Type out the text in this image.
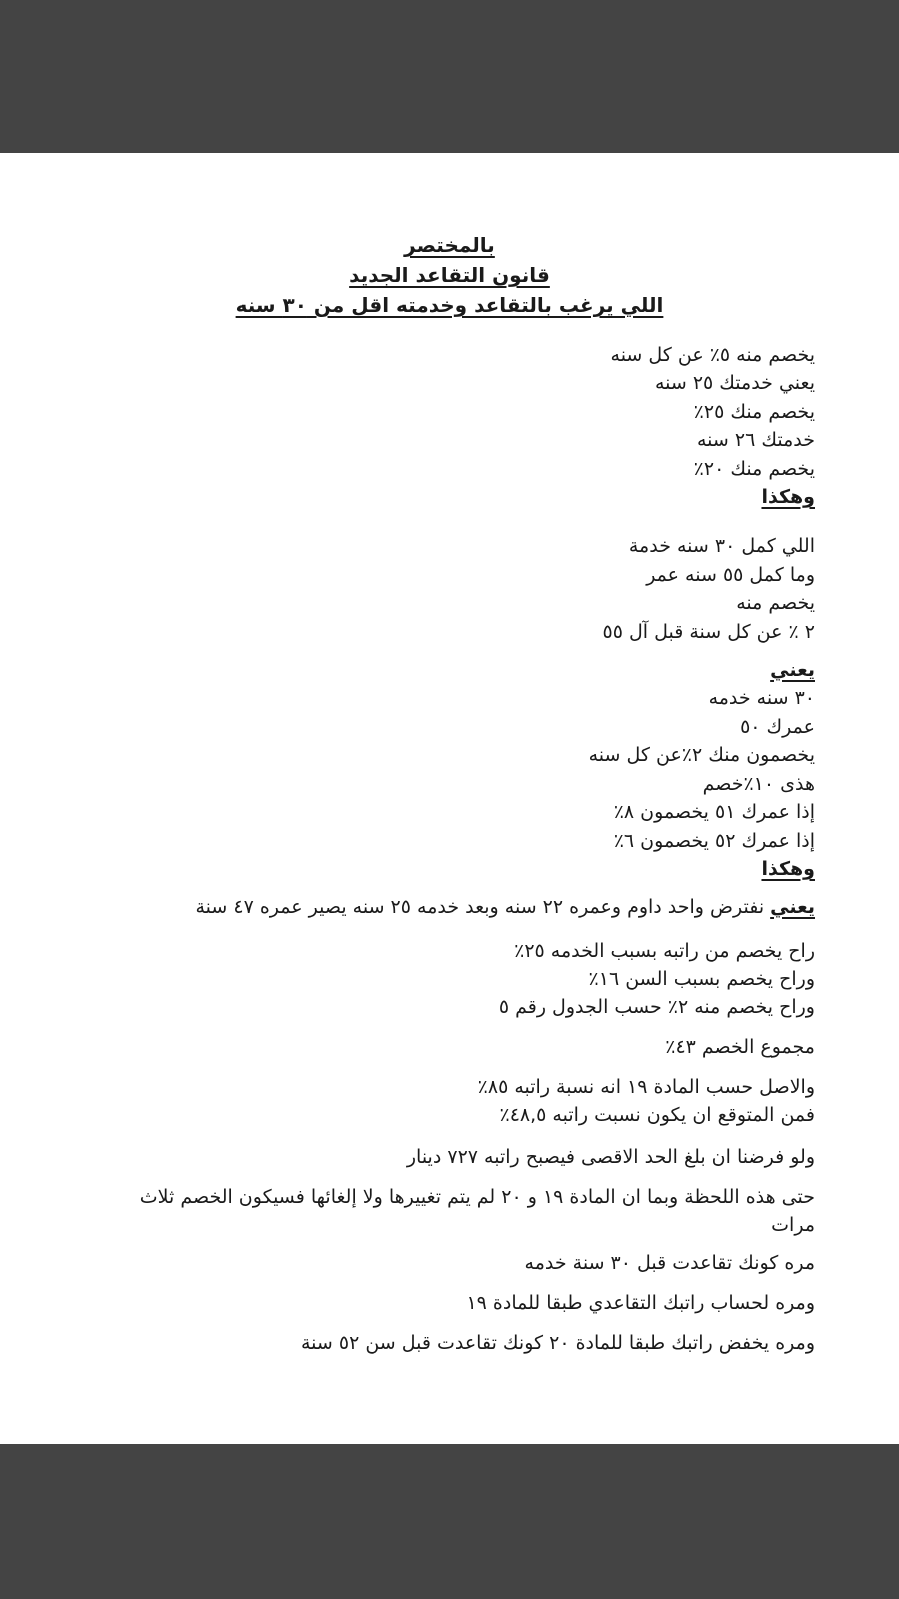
بالمختصر
قانون التقاعد الجديد
اللي يرغب بالتقاعد وخدمته اقل من ٣٠ سنه
يخصم منه ٥٪ عن كل سنه
يعني خدمتك ٢٥ سنه
يخصم منك ٢٥٪
خدمتك ٢٦ سنه
يخصم منك ٢٠٪
وهكذا
اللي كمل ٣٠ سنه خدمة
وما كمل ٥٥ سنه عمر
يخصم منه
٢ ٪ عن كل سنة قبل آل ٥٥
يعني
٣٠ سنه خدمه
عمرك ٥٠
يخصمون منك ٢٪عن كل سنه
هذى ١٠٪خصم
إذا عمرك ٥١ يخصمون ٨٪
إذا عمرك ٥٢ يخصمون ٦٪
وهكذا
يعني نفترض واحد داوم وعمره ٢٢ سنه وبعد خدمه ٢٥ سنه يصير عمره ٤٧ سنة
راح يخصم من راتبه بسبب الخدمه ٢٥٪
وراح يخصم بسبب السن ١٦٪
وراح يخصم منه ٢٪ حسب الجدول رقم ٥
مجموع الخصم ٤٣٪
والاصل حسب المادة ١٩ انه نسبة راتبه ٨٥٪
فمن المتوقع ان يكون نسبت راتبه ٤٨,٥٪
ولو فرضنا ان بلغ الحد الاقصى فيصبح راتبه ٧٢٧ دينار
حتى هذه اللحظة وبما ان المادة ١٩ و ٢٠ لم يتم تغييرها ولا إلغائها فسيكون الخصم ثلاث مرات
مره كونك تقاعدت قبل ٣٠ سنة خدمه
ومره لحساب راتبك التقاعدي طبقا للمادة ١٩
ومره يخفض راتبك طبقا للمادة ٢٠ كونك تقاعدت قبل سن ٥٢ سنة
